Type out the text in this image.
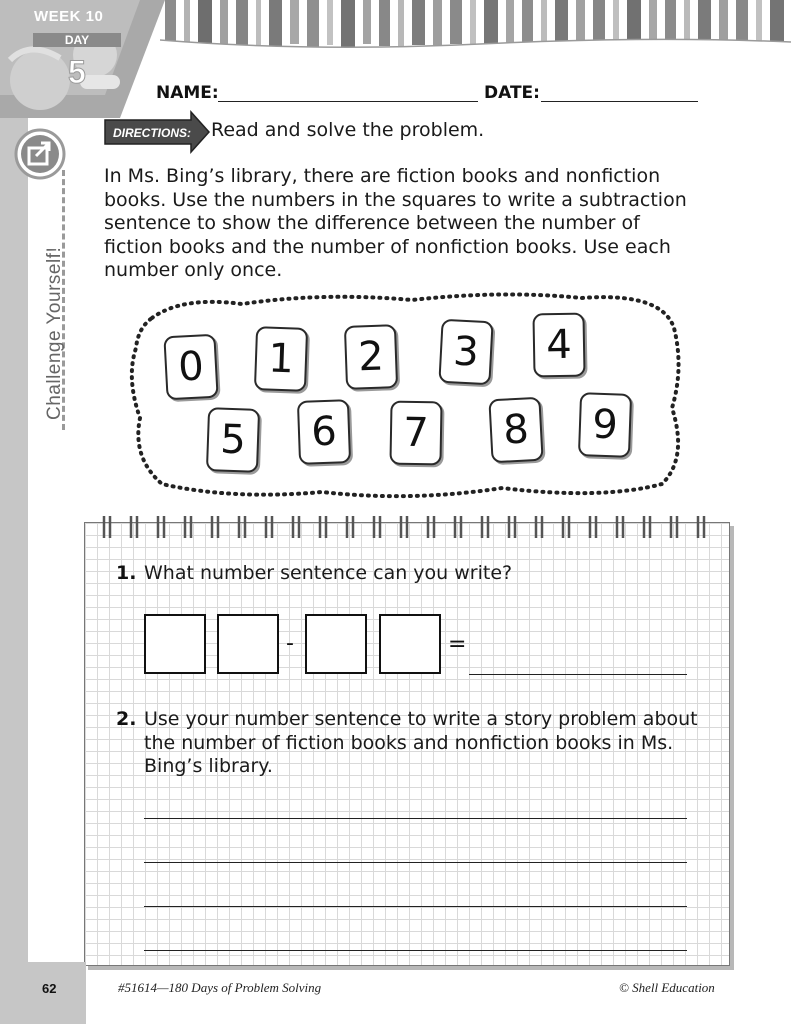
WEEK 10
DAY
5
Challenge Yourself!
NAME:	DATE:
DIRECTIONS: Read and solve the problem.

In Ms. Bing’s library, there are fiction books and nonfiction books. Use the numbers in the squares to write a subtraction sentence to show the difference between the number of fiction books and the number of nonfiction books. Use each number only once.

0	1	2	3	4
5	6	7	8	9
1. What number sentence can you write?
-	=
2. Use your number sentence to write a story problem about the number of fiction books and nonfiction books in Ms. Bing’s library.

62	#51614—180 Days of Problem Solving	© Shell Education
